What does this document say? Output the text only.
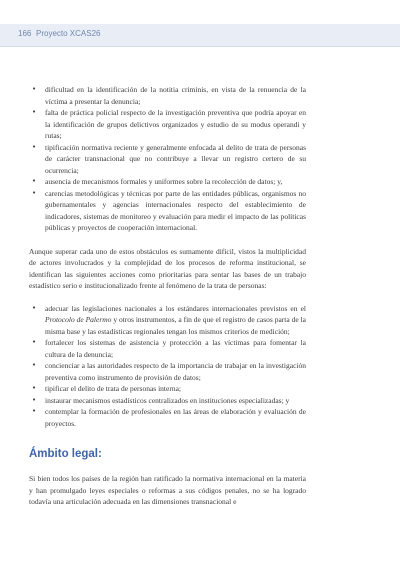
166 Proyecto XCAS26
• dificultad en la identificación de la notitia criminis, en vista de la renuencia de la víctima a presentar la denuncia;
• falta de práctica policial respecto de la investigación preventiva que podría apoyar en la identificación de grupos delictivos organizados y estudio de su modus operandi y rutas;
• tipificación normativa reciente y generalmente enfocada al delito de trata de personas de carácter transnacional que no contribuye a llevar un registro certero de su ocurrencia;
• ausencia de mecanismos formales y uniformes sobre la recolección de datos; y,
• carencias metodológicas y técnicas por parte de las entidades públicas, organismos no gubernamentales y agencias internacionales respecto del establecimiento de indicadores, sistemas de monitoreo y evaluación para medir el impacto de las políticas públicas y proyectos de cooperación internacional.

Aunque superar cada uno de estos obstáculos es sumamente difícil, vistos la multiplicidad de actores involucrados y la complejidad de los procesos de reforma institucional, se identifican las siguientes acciones como prioritarias para sentar las bases de un trabajo estadístico serio e institucionalizado frente al fenómeno de la trata de personas:

• adecuar las legislaciones nacionales a los estándares internacionales previstos en el Protocolo de Palermo y otros instrumentos, a fin de que el registro de casos parta de la misma base y las estadísticas regionales tengan los mismos criterios de medición;
• fortalecer los sistemas de asistencia y protección a las víctimas para fomentar la cultura de la denuncia;
• concienciar a las autoridades respecto de la importancia de trabajar en la investigación preventiva como instrumento de provisión de datos;
• tipificar el delito de trata de personas interna;
• instaurar mecanismos estadísticos centralizados en instituciones especializadas; y
• contemplar la formación de profesionales en las áreas de elaboración y evaluación de proyectos.
Ámbito legal:

Si bien todos los países de la región han ratificado la normativa internacional en la materia y han promulgado leyes especiales o reformas a sus códigos penales, no se ha logrado todavía una articulación adecuada en las dimensiones transnacional e
